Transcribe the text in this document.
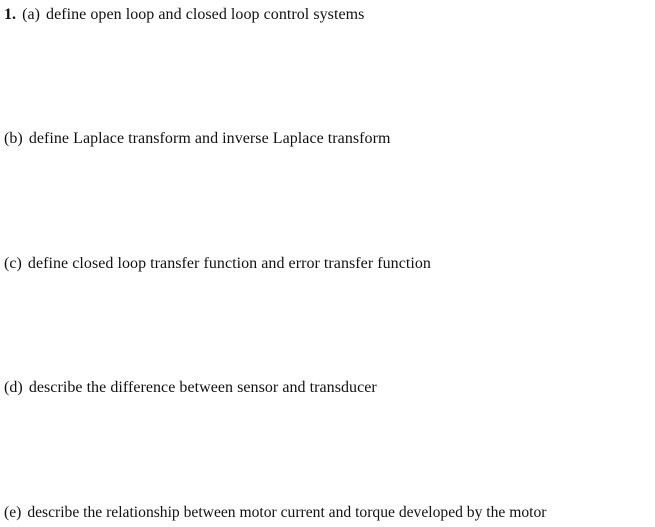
1. (a) define open loop and closed loop control systems
(b) define Laplace transform and inverse Laplace transform
(c) define closed loop transfer function and error transfer function
(d) describe the difference between sensor and transducer
(e) describe the relationship between motor current and torque developed by the motor
